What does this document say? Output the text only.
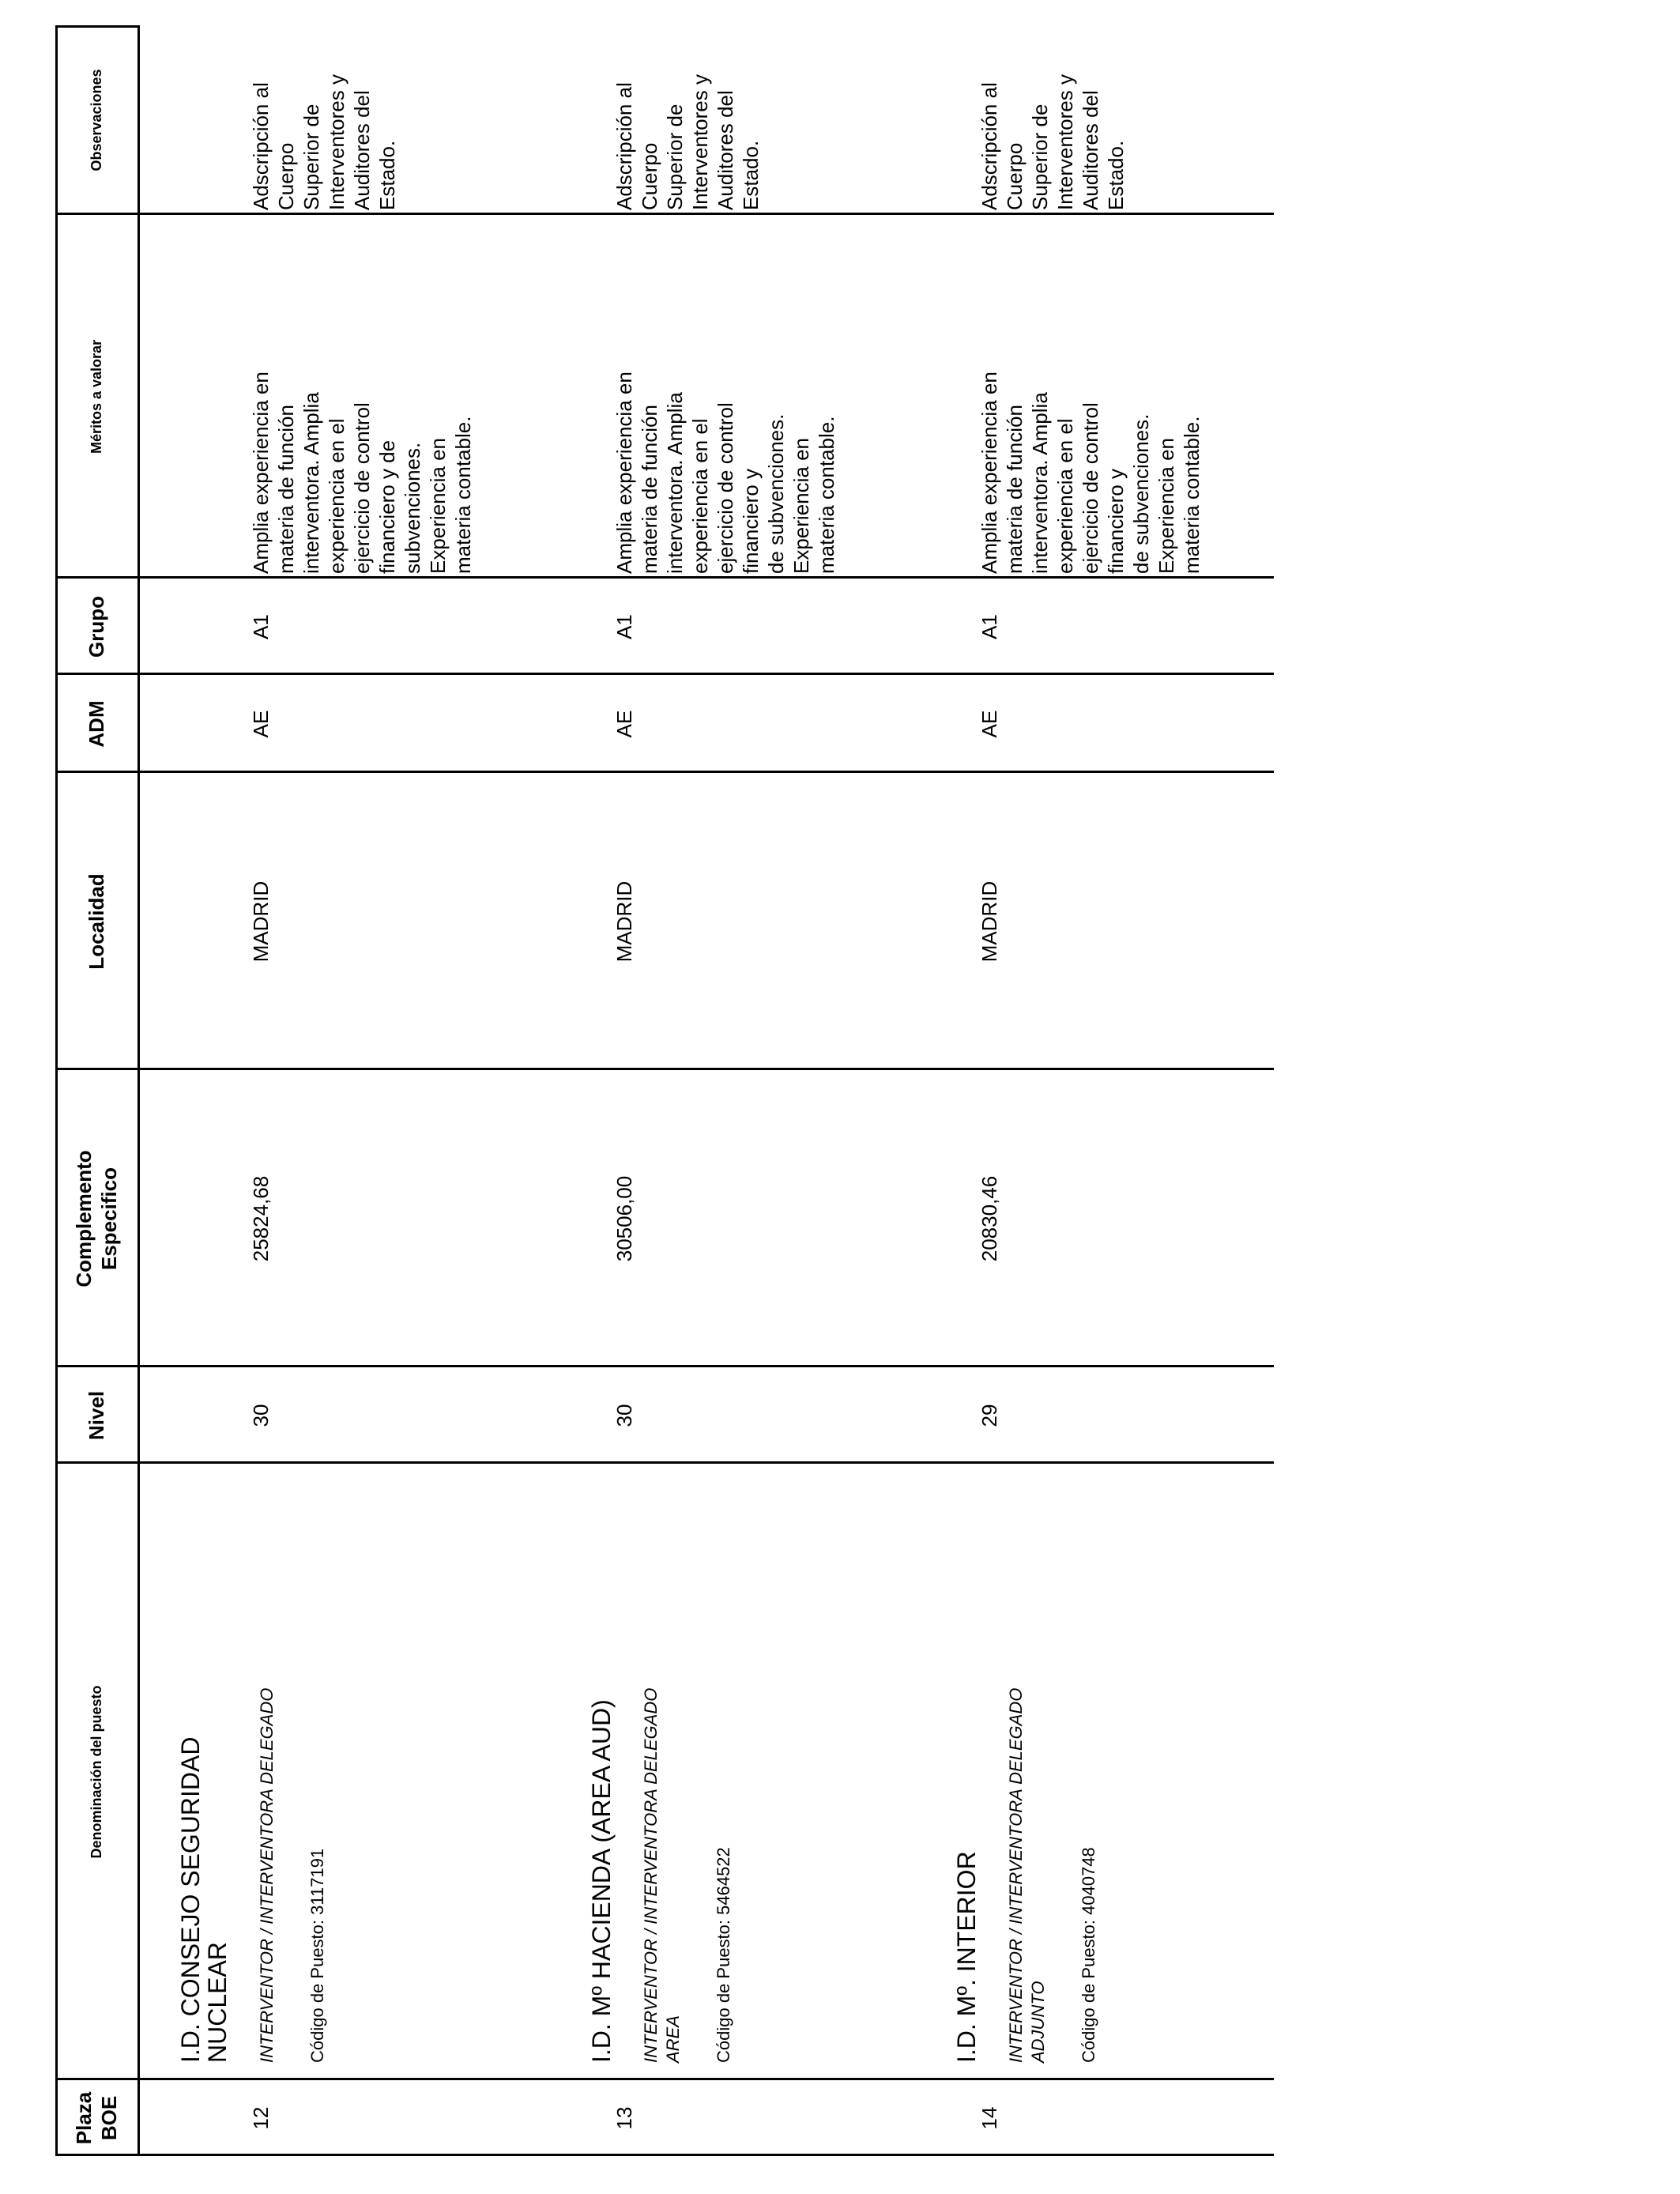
Plaza
BOE
Denominación del puesto
Nivel
Complemento
Especifico
Localidad
ADM
Grupo
Méritos a valorar
Observaciones
12

I.D. CONSEJO SEGURIDAD
NUCLEAR INTERVENTOR / INTERVENTORA DELEGADO Código de Puesto: 3117191

30
25824,68
MADRID
AE
A1
Amplia experiencia en
materia de función
interventora. Amplia
experiencia en el
ejercicio de control
financiero y de
subvenciones.
Experiencia en
materia contable.
Adscripción al Cuerpo
Superior de
Interventores y
Auditores del Estado.
13

I.D. Mº HACIENDA (AREA AUD) INTERVENTOR / INTERVENTORA DELEGADO
AREA Código de Puesto: 5464522

30
30506,00
MADRID
AE
A1
Amplia experiencia en
materia de función
interventora. Amplia
experiencia en el
ejercicio de control
financiero y
de subvenciones.
Experiencia en
materia contable.
Adscripción al Cuerpo
Superior de
Interventores y
Auditores del Estado.
14

I.D. Mº. INTERIOR INTERVENTOR / INTERVENTORA DELEGADO
ADJUNTO Código de Puesto: 4040748

29
20830,46
MADRID
AE
A1
Amplia experiencia en
materia de función
interventora. Amplia
experiencia en el
ejercicio de control
financiero y
de subvenciones.
Experiencia en
materia contable.
Adscripción al Cuerpo
Superior de
Interventores y
Auditores del Estado.
